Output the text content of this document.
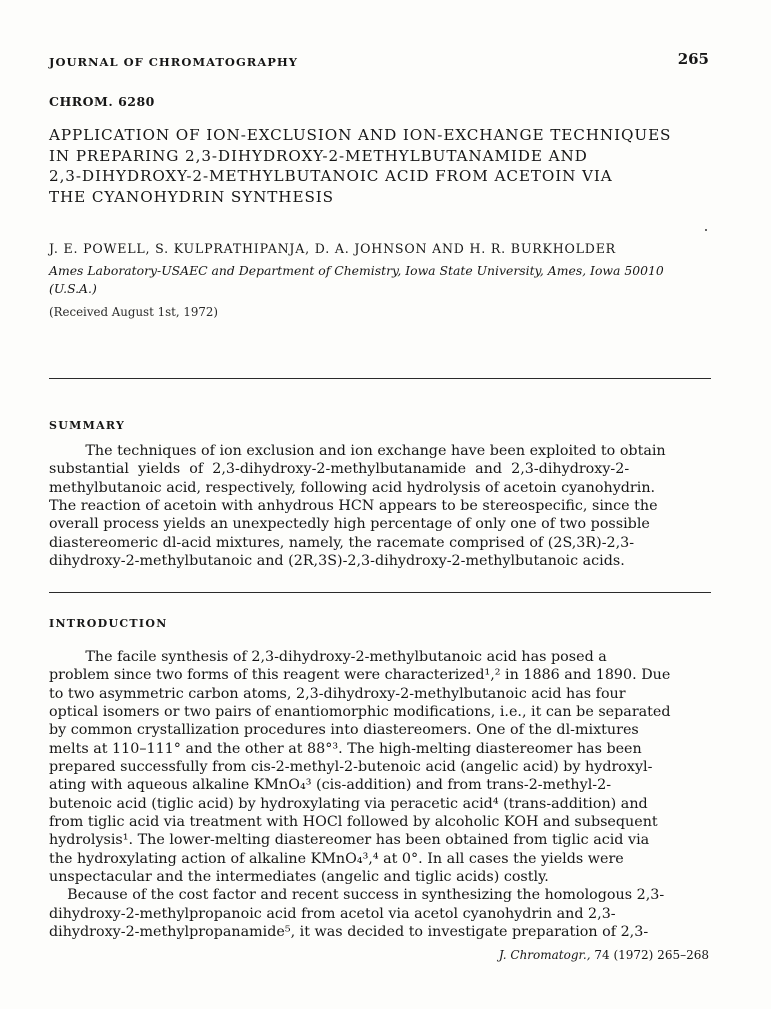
JOURNAL OF CHROMATOGRAPHY	265
CHROM. 6280
APPLICATION OF ION-EXCLUSION AND ION-EXCHANGE TECHNIQUES
IN PREPARING 2,3-DIHYDROXY-2-METHYLBUTANAMIDE AND
2,3-DIHYDROXY-2-METHYLBUTANOIC ACID FROM ACETOIN VIA
THE CYANOHYDRIN SYNTHESIS
J. E. POWELL, S. KULPRATHIPANJA, D. A. JOHNSON AND H. R. BURKHOLDER
Ames Laboratory-USAEC and Department of Chemistry, Iowa State University, Ames, Iowa 50010
(U.S.A.)
(Received August 1st, 1972)
SUMMARY
The techniques of ion exclusion and ion exchange have been exploited to obtain
substantial  yields  of  2,3-dihydroxy-2-methylbutanamide  and  2,3-dihydroxy-2-
methylbutanoic acid, respectively, following acid hydrolysis of acetoin cyanohydrin.
The reaction of acetoin with anhydrous HCN appears to be stereospecific, since the
overall process yields an unexpectedly high percentage of only one of two possible
diastereomeric dl-acid mixtures, namely, the racemate comprised of (2S,3R)-2,3-
dihydroxy-2-methylbutanoic and (2R,3S)-2,3-dihydroxy-2-methylbutanoic acids.
INTRODUCTION
The facile synthesis of 2,3-dihydroxy-2-methylbutanoic acid has posed a
problem since two forms of this reagent were characterized¹,² in 1886 and 1890. Due
to two asymmetric carbon atoms, 2,3-dihydroxy-2-methylbutanoic acid has four
optical isomers or two pairs of enantiomorphic modifications, i.e., it can be separated
by common crystallization procedures into diastereomers. One of the dl-mixtures
melts at 110–111° and the other at 88°³. The high-melting diastereomer has been
prepared successfully from cis-2-methyl-2-butenoic acid (angelic acid) by hydroxyl-
ating with aqueous alkaline KMnO₄³ (cis-addition) and from trans-2-methyl-2-
butenoic acid (tiglic acid) by hydroxylating via peracetic acid⁴ (trans-addition) and
from tiglic acid via treatment with HOCl followed by alcoholic KOH and subsequent
hydrolysis¹. The lower-melting diastereomer has been obtained from tiglic acid via
the hydroxylating action of alkaline KMnO₄³,⁴ at 0°. In all cases the yields were
unspectacular and the intermediates (angelic and tiglic acids) costly.
Because of the cost factor and recent success in synthesizing the homologous 2,3-
dihydroxy-2-methylpropanoic acid from acetol via acetol cyanohydrin and 2,3-
dihydroxy-2-methylpropanamide⁵, it was decided to investigate preparation of 2,3-
J. Chromatogr., 74 (1972) 265–268
